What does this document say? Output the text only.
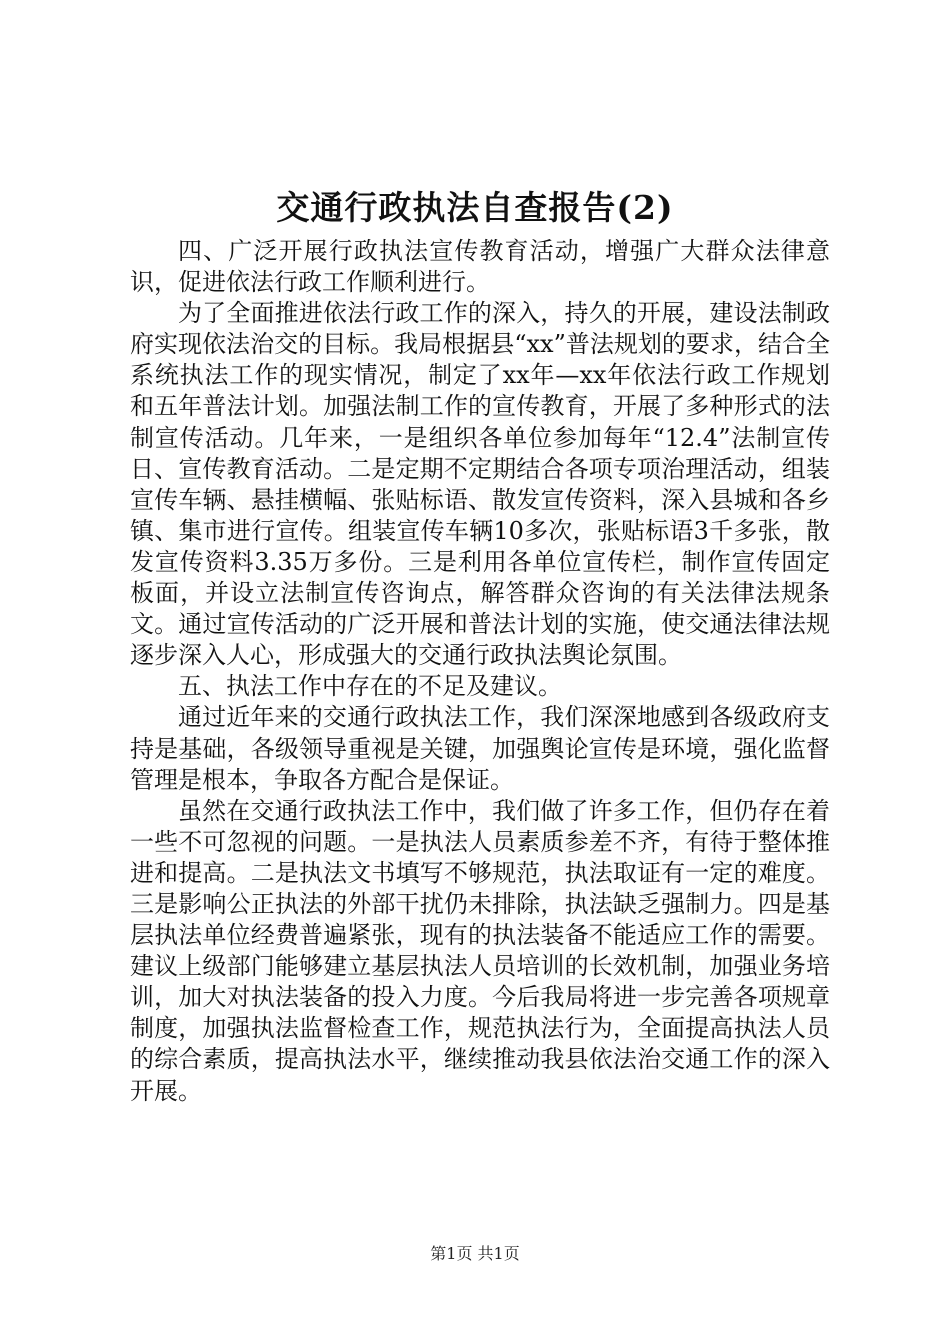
交通行政执法自查报告(2)

四、广泛开展行政执法宣传教育活动，增强广大群众法律意识，促进依法行政工作顺利进行。

为了全面推进依法行政工作的深入，持久的开展，建设法制政府实现依法治交的目标。我局根据县“xx”普法规划的要求，结合全系统执法工作的现实情况，制定了xx年—xx年依法行政工作规划和五年普法计划。加强法制工作的宣传教育，开展了多种形式的法制宣传活动。几年来，一是组织各单位参加每年“12.4”法制宣传日、宣传教育活动。二是定期不定期结合各项专项治理活动，组装宣传车辆、悬挂横幅、张贴标语、散发宣传资料，深入县城和各乡镇、集市进行宣传。组装宣传车辆10多次，张贴标语3千多张，散发宣传资料3.35万多份。三是利用各单位宣传栏，制作宣传固定板面，并设立法制宣传咨询点，解答群众咨询的有关法律法规条文。通过宣传活动的广泛开展和普法计划的实施，使交通法律法规逐步深入人心，形成强大的交通行政执法舆论氛围。

五、执法工作中存在的不足及建议。

通过近年来的交通行政执法工作，我们深深地感到各级政府支持是基础，各级领导重视是关键，加强舆论宣传是环境，强化监督管理是根本，争取各方配合是保证。

虽然在交通行政执法工作中，我们做了许多工作，但仍存在着一些不可忽视的问题。一是执法人员素质参差不齐，有待于整体推进和提高。二是执法文书填写不够规范，执法取证有一定的难度。三是影响公正执法的外部干扰仍未排除，执法缺乏强制力。四是基层执法单位经费普遍紧张，现有的执法装备不能适应工作的需要。建议上级部门能够建立基层执法人员培训的长效机制，加强业务培训，加大对执法装备的投入力度。今后我局将进一步完善各项规章制度，加强执法监督检查工作，规范执法行为，全面提高执法人员的综合素质，提高执法水平，继续推动我县依法治交通工作的深入开展。

第1页 共1页
